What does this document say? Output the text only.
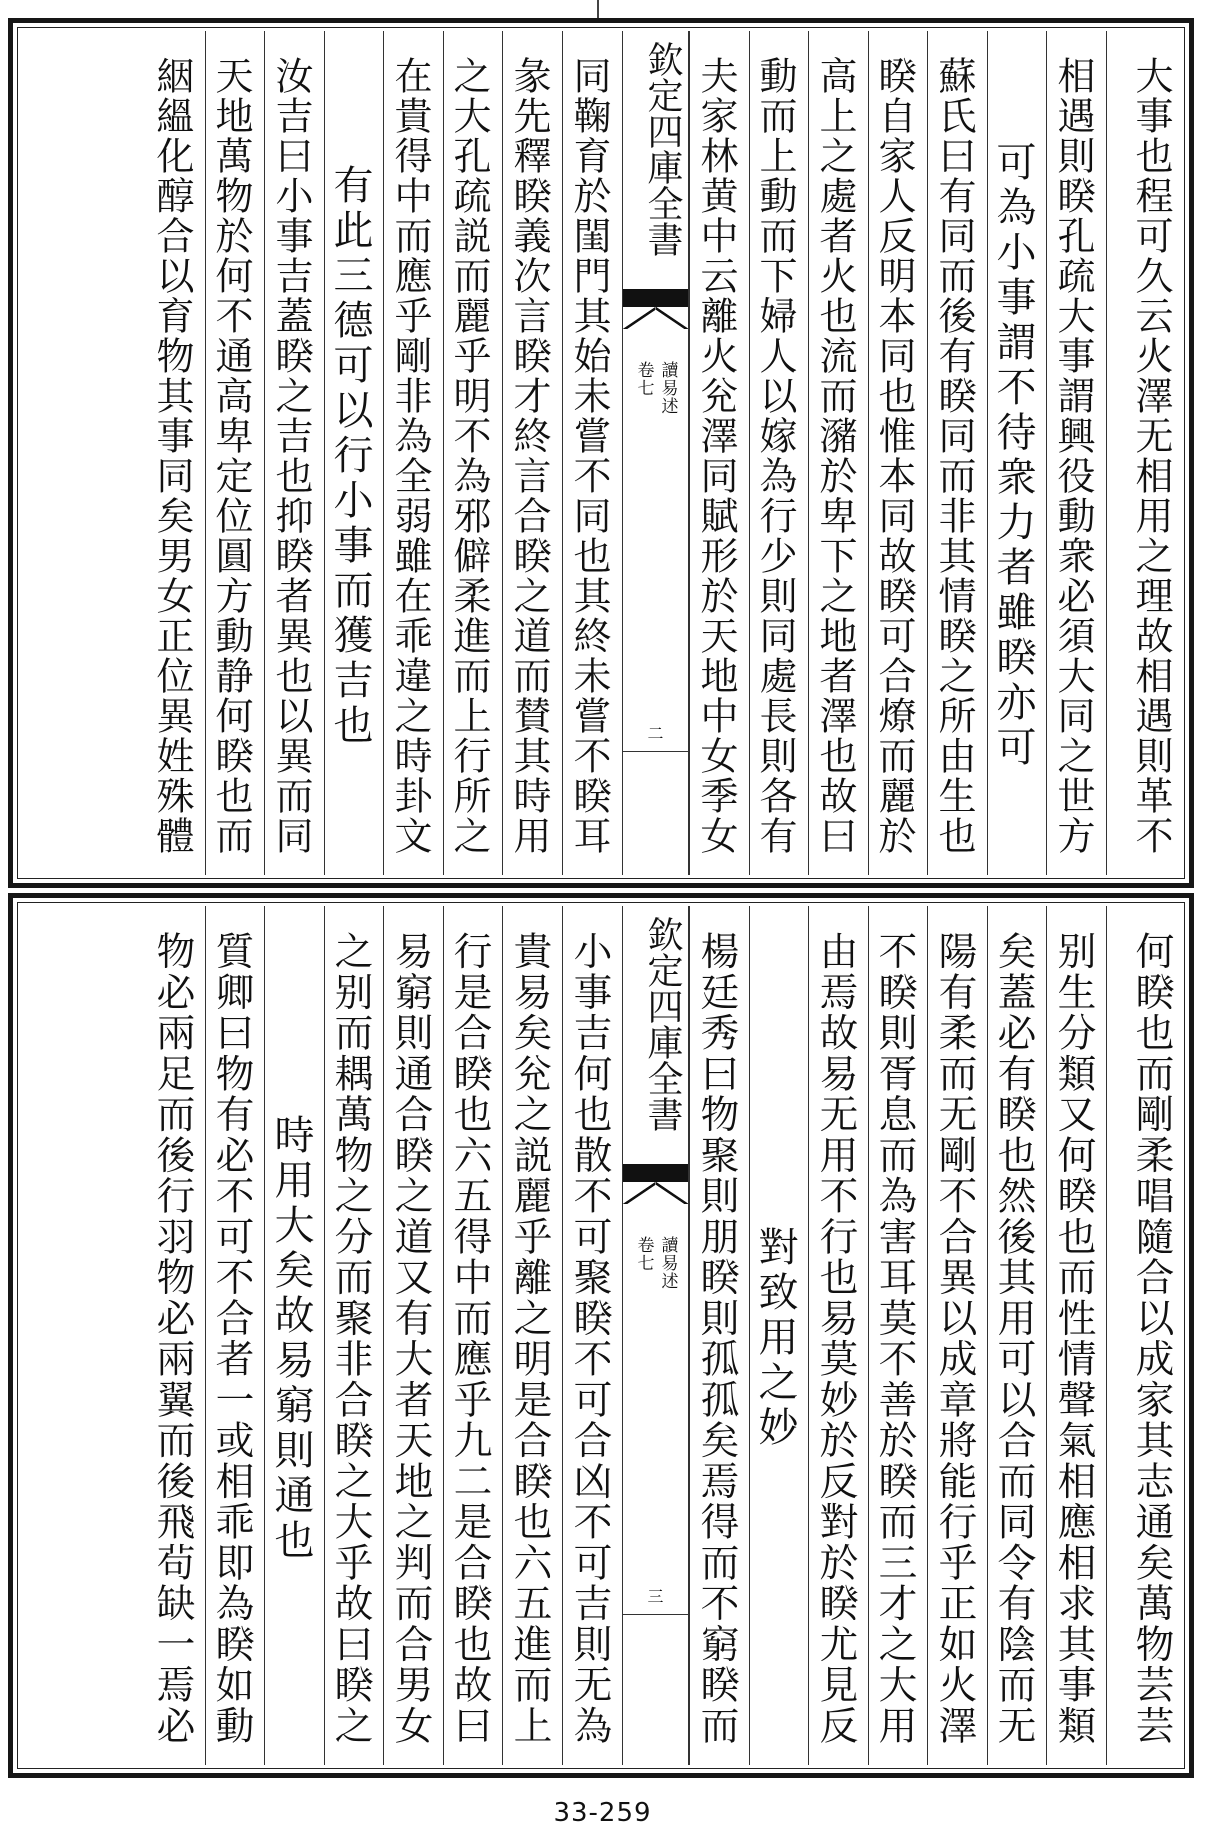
大事也程可久云火澤无相用之理故相遇則革不
相遇則睽孔疏大事謂興役動衆必須大同之世方
可為小事謂不待衆力者雖睽亦可
蘇氏曰有同而後有睽同而非其情睽之所由生也
睽自家人反明本同也惟本同故睽可合燎而麗於
高上之處者火也流而瀦於卑下之地者澤也故曰
動而上動而下婦人以嫁為行少則同處長則各有
夫家林黄中云離火兊澤同賦形於天地中女季女
欽定四庫全書
讀易述
卷七
二
同鞠育於閨門其始未嘗不同也其終未嘗不睽耳
彖先釋睽義次言睽才終言合睽之道而賛其時用
之大孔疏説而麗乎明不為邪僻柔進而上行所之
在貴得中而應乎剛非為全弱雖在乖違之時卦文
有此三德可以行小事而獲吉也
汝吉曰小事吉蓋睽之吉也抑睽者異也以異而同
天地萬物於何不通高卑定位圓方動静何睽也而
絪縕化醇合以育物其事同矣男女正位異姓殊體
何睽也而剛柔唱隨合以成家其志通矣萬物芸芸
别生分類又何睽也而性情聲氣相應相求其事類
矣蓋必有睽也然後其用可以合而同令有陰而无
陽有柔而无剛不合異以成章將能行乎正如火澤
不睽則胥息而為害耳莫不善於睽而三才之大用
由焉故易无用不行也易莫妙於反對於睽尤見反
對致用之妙
楊廷秀曰物聚則朋睽則孤孤矣焉得而不窮睽而
欽定四庫全書
讀易述
卷七
三
小事吉何也散不可聚睽不可合凶不可吉則无為
貴易矣兊之説麗乎離之明是合睽也六五進而上
行是合睽也六五得中而應乎九二是合睽也故曰
易窮則通合睽之道又有大者天地之判而合男女
之别而耦萬物之分而聚非合睽之大乎故曰睽之
時用大矣故易窮則通也
質卿曰物有必不可不合者一或相乖即為睽如動
物必兩足而後行羽物必兩翼而後飛茍缺一焉必
33-259
